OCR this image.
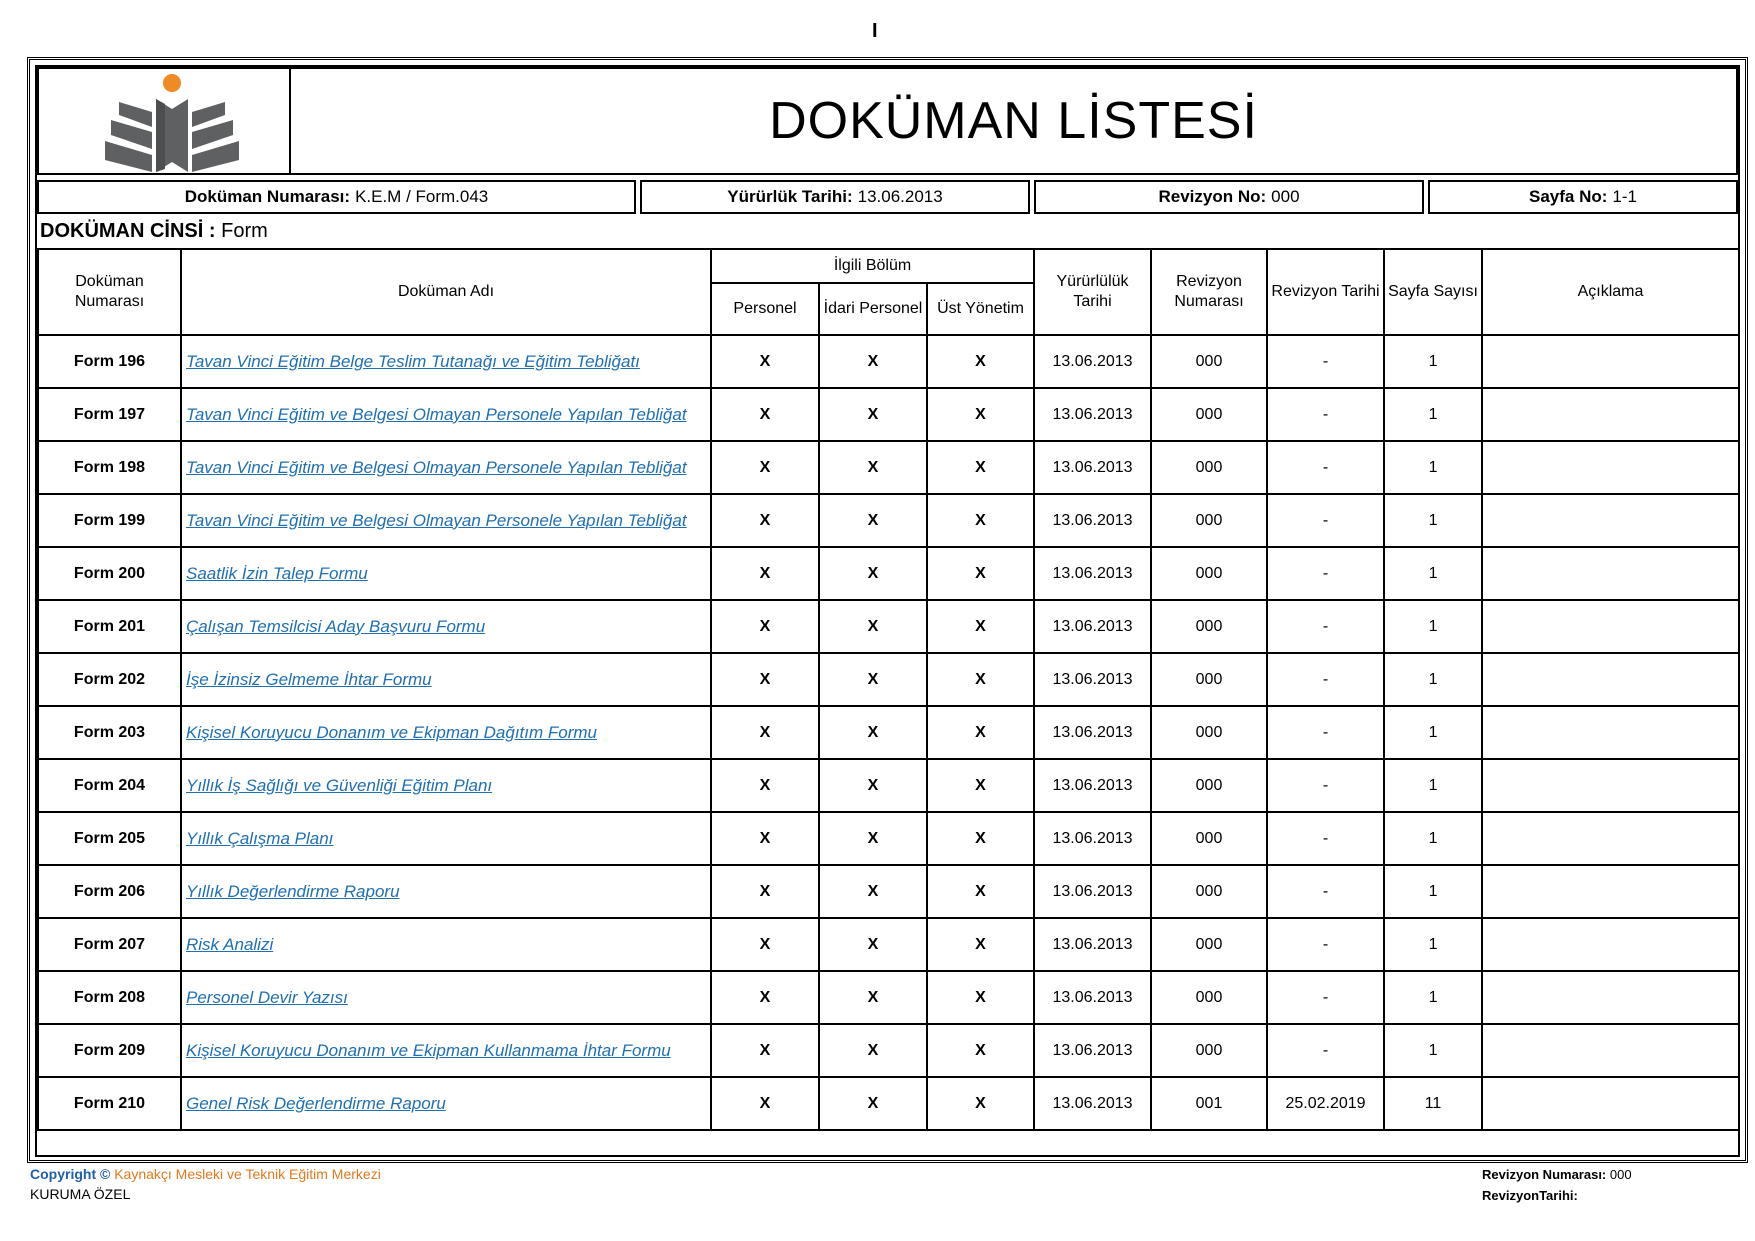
I
DOKÜMAN LİSTESİ
Doküman Numarası: K.E.M / Form.043	Yürürlük Tarihi: 13.06.2013	Revizyon No: 000	Sayfa No: 1-1
DOKÜMAN CİNSİ : Form
Doküman Numarası	Doküman Adı	İlgili Bölüm			Yürürlülük Tarihi	Revizyon Numarası	Revizyon Tarihi	Sayfa Sayısı	Açıklama
		Personel	İdari Personel	Üst Yönetim					
Form 196	Tavan Vinci Eğitim Belge Teslim Tutanağı ve Eğitim Tebliğatı	X	X	X	13.06.2013	000	-	1	
Form 197	Tavan Vinci Eğitim ve Belgesi Olmayan Personele Yapılan Tebliğat	X	X	X	13.06.2013	000	-	1	
Form 198	Tavan Vinci Eğitim ve Belgesi Olmayan Personele Yapılan Tebliğat	X	X	X	13.06.2013	000	-	1	
Form 199	Tavan Vinci Eğitim ve Belgesi Olmayan Personele Yapılan Tebliğat	X	X	X	13.06.2013	000	-	1	
Form 200	Saatlik İzin Talep Formu	X	X	X	13.06.2013	000	-	1	
Form 201	Çalışan Temsilcisi Aday Başvuru Formu	X	X	X	13.06.2013	000	-	1	
Form 202	İşe İzinsiz Gelmeme İhtar Formu	X	X	X	13.06.2013	000	-	1	
Form 203	Kişisel Koruyucu Donanım ve Ekipman Dağıtım Formu	X	X	X	13.06.2013	000	-	1	
Form 204	Yıllık İş Sağlığı ve Güvenliği Eğitim Planı	X	X	X	13.06.2013	000	-	1	
Form 205	Yıllık Çalışma Planı	X	X	X	13.06.2013	000	-	1	
Form 206	Yıllık Değerlendirme Raporu	X	X	X	13.06.2013	000	-	1	
Form 207	Risk Analizi	X	X	X	13.06.2013	000	-	1	
Form 208	Personel Devir Yazısı	X	X	X	13.06.2013	000	-	1	
Form 209	Kişisel Koruyucu Donanım ve Ekipman Kullanmama İhtar Formu	X	X	X	13.06.2013	000	-	1	
Form 210	Genel Risk Değerlendirme Raporu	X	X	X	13.06.2013	001	25.02.2019	11	
Copyright © Kaynakçı Mesleki ve Teknik Eğitim Merkezi
KURUMA ÖZEL
Revizyon Numarası: 000
RevizyonTarihi:
